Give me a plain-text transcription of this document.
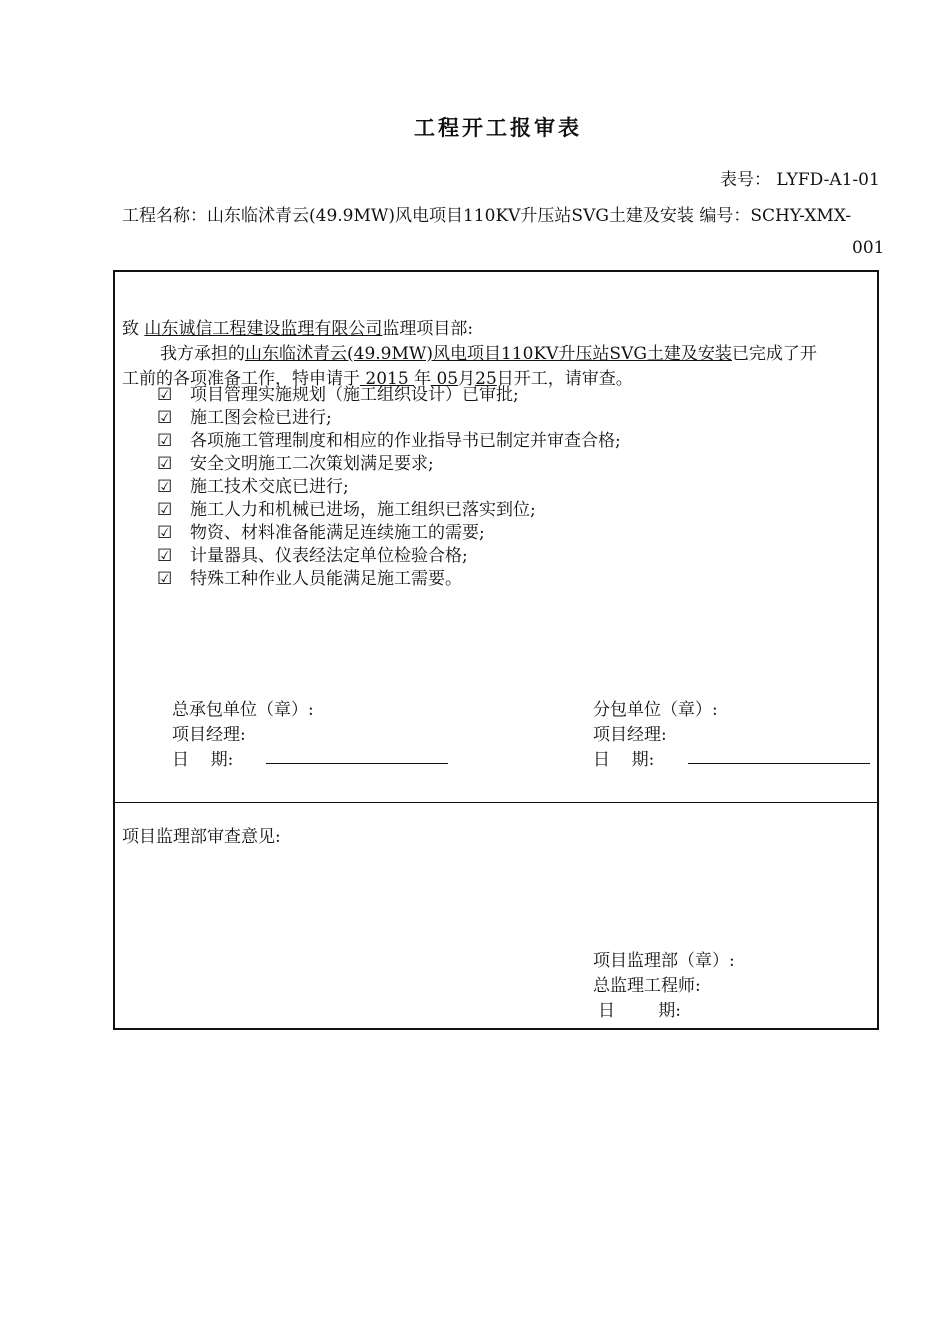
工程开工报审表
表号： LYFD-A1-01
工程名称：山东临沭青云(49.9MW)风电项目110KV升压站SVG土建及安装 编号：SCHY-XMX-
001
致 山东诚信工程建设监理有限公司监理项目部:
我方承担的山东临沭青云(49.9MW)风电项目110KV升压站SVG土建及安装已完成了开
工前的各项准备工作，特申请于 2015 年 05月25日开工，请审查。
☑ 项目管理实施规划（施工组织设计）已审批;
☑ 施工图会检已进行;
☑ 各项施工管理制度和相应的作业指导书已制定并审查合格;
☑ 安全文明施工二次策划满足要求;
☑ 施工技术交底已进行;
☑ 施工人力和机械已进场，施工组织已落实到位;
☑ 物资、材料准备能满足连续施工的需要;
☑ 计量器具、仪表经法定单位检验合格;
☑ 特殊工种作业人员能满足施工需要。
总承包单位（章）:
项目经理:
日    期:
分包单位（章）:
项目经理:
日    期:
项目监理部审查意见:
项目监理部（章）:
总监理工程师:
日        期:
